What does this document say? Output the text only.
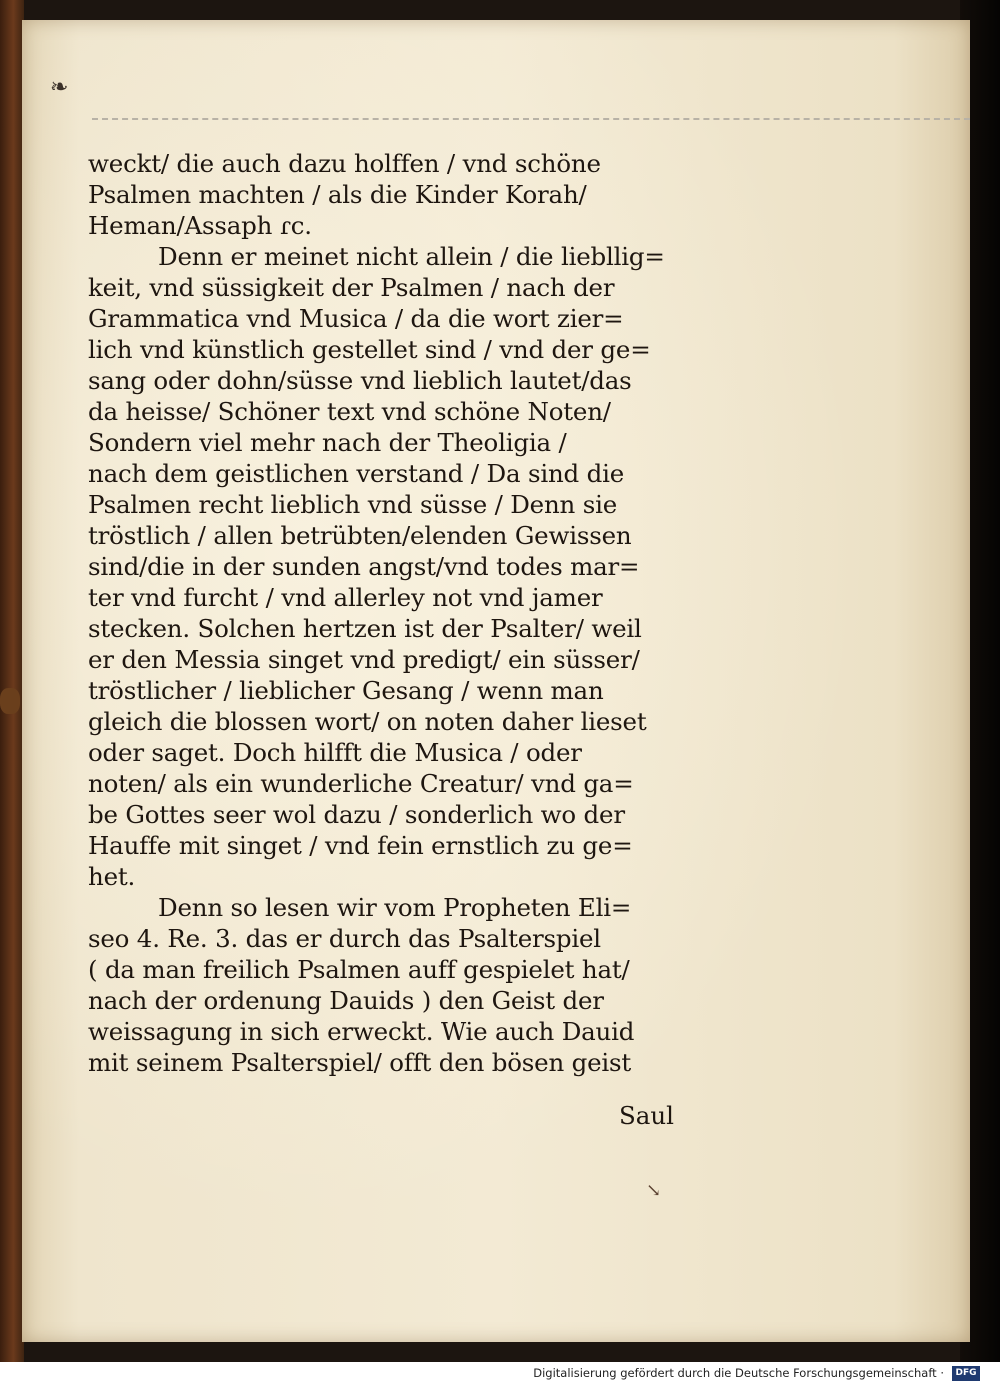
❧
weckt/ die auch dazu holffen / vnd schöne
Psalmen machten / als die Kinder Korah/
Heman/Assaph ɾc.
Denn er meinet nicht allein / die liebllig=
keit, vnd süssigkeit der Psalmen / nach der
Grammatica vnd Musica / da die wort zier=
lich vnd künstlich gestellet sind / vnd der ge=
sang oder dohn/süsse vnd lieblich lautet/das
da heisse/ Schöner text vnd schöne Noten/
Sondern viel mehr nach der Theoligia /
nach dem geistlichen verstand / Da sind die
Psalmen recht lieblich vnd süsse / Denn sie
tröstlich / allen betrübten/elenden Gewissen
sind/die in der sunden angst/vnd todes mar=
ter vnd furcht / vnd allerley not vnd jamer
stecken. Solchen hertzen ist der Psalter/ weil
er den Messia singet vnd predigt/ ein süsser/
tröstlicher / lieblicher Gesang / wenn man
gleich die blossen wort/ on noten daher lieset
oder saget. Doch hilfft die Musica / oder
noten/ als ein wunderliche Creatur/ vnd ga=
be Gottes seer wol dazu / sonderlich wo der
Hauffe mit singet / vnd fein ernstlich zu ge=
het.
Denn so lesen wir vom Propheten Eli=
seo 4. Re. 3. das er durch das Psalterspiel
( da man freilich Psalmen auff gespielet hat/
nach der ordenung Dauids ) den Geist der
weissagung in sich erweckt. Wie auch Dauid
mit seinem Psalterspiel/ offt den bösen geist
Saul
↘
Digitalisierung gefördert durch die Deutsche Forschungsgemeinschaft ·	DFG
